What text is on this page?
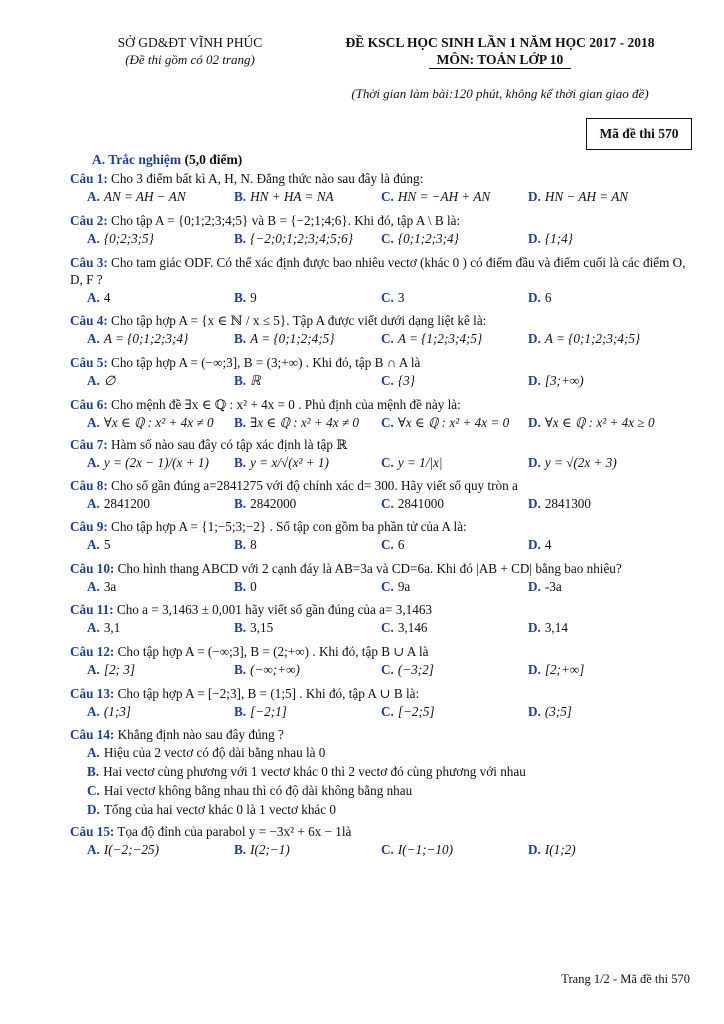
SỞ GD&ĐT VĨNH PHÚC
(Đề thi gồm có 02 trang)
ĐỀ KSCL HỌC SINH LẦN 1 NĂM HỌC 2017 - 2018
MÔN: TOÁN LỚP 10
(Thời gian làm bài:120 phút, không kể thời gian giao đề)
Mã đề thi 570
A. Trắc nghiệm (5,0 điểm)

Câu 1: Cho 3 điểm bất kì A, H, N. Đẳng thức nào sau đây là đúng:

A. AN = AH − AN	B. HN + HA = NA	C. HN = −AH + AN	D. HN − AH = AN

Câu 2: Cho tập A = {0;1;2;3;4;5} và B = {−2;1;4;6}. Khi đó, tập A \ B là:

A. {0;2;3;5}	B. {−2;0;1;2;3;4;5;6}	C. {0;1;2;3;4}	D. {1;4}

Câu 3: Cho tam giác ODF. Có thể xác định được bao nhiêu vectơ (khác 0 ) có điểm đầu và điểm cuối là các điểm O, D, F ?

A. 4	B. 9	C. 3	D. 6

Câu 4: Cho tập hợp A = {x ∈ ℕ / x ≤ 5}. Tập A được viết dưới dạng liệt kê là:

A. A = {0;1;2;3;4}	B. A = {0;1;2;4;5}	C. A = {1;2;3;4;5}	D. A = {0;1;2;3;4;5}

Câu 5: Cho tập hợp A = (−∞;3], B = (3;+∞) . Khi đó, tập B ∩ A là

A. ∅	B. ℝ	C. {3}	D. [3;+∞)

Câu 6: Cho mệnh đề ∃x ∈ ℚ : x² + 4x = 0 . Phủ định của mệnh đề này là:

A. ∀x ∈ ℚ : x² + 4x ≠ 0	B. ∃x ∈ ℚ : x² + 4x ≠ 0	C. ∀x ∈ ℚ : x² + 4x = 0	D. ∀x ∈ ℚ : x² + 4x ≥ 0

Câu 7: Hàm số nào sau đây có tập xác định là tập ℝ

A. y = (2x − 1)/(x + 1)	B. y = x/√(x² + 1)	C. y = 1/|x|	D. y = √(2x + 3)

Câu 8: Cho số gần đúng a=2841275 với độ chính xác d= 300. Hãy viết số quy tròn a

A. 2841200	B. 2842000	C. 2841000	D. 2841300

Câu 9: Cho tập hợp A = {1;−5;3;−2} . Số tập con gồm ba phần tử của A là:

A. 5	B. 8	C. 6	D. 4

Câu 10: Cho hình thang ABCD với 2 cạnh đáy là AB=3a và CD=6a. Khi đó |AB + CD| bằng bao nhiêu?

A. 3a	B. 0	C. 9a	D. -3a

Câu 11: Cho a = 3,1463 ± 0,001 hãy viết số gần đúng của a= 3,1463

A. 3,1	B. 3,15	C. 3,146	D. 3,14

Câu 12: Cho tập hợp A = (−∞;3], B = (2;+∞) . Khi đó, tập B ∪ A là

A. [2; 3]	B. (−∞;+∞)	C. (−3;2]	D. [2;+∞]

Câu 13: Cho tập hợp A = [−2;3], B = (1;5] . Khi đó, tập A ∪ B là:

A. (1;3]	B. [−2;1]	C. [−2;5]	D. (3;5]

Câu 14: Khẳng định nào sau đây đúng ?

A. Hiệu của 2 vectơ có độ dài bằng nhau là 0
B. Hai vectơ cùng phương với 1 vectơ khác 0 thì 2 vectơ đó cùng phương với nhau
C. Hai vectơ không bằng nhau thì có độ dài không bằng nhau
D. Tổng của hai vectơ khác 0 là 1 vectơ khác 0

Câu 15: Tọa độ đỉnh của parabol y = −3x² + 6x − 1là

A. I(−2;−25)	B. I(2;−1)	C. I(−1;−10)	D. I(1;2)
Trang 1/2 - Mã đề thi 570
